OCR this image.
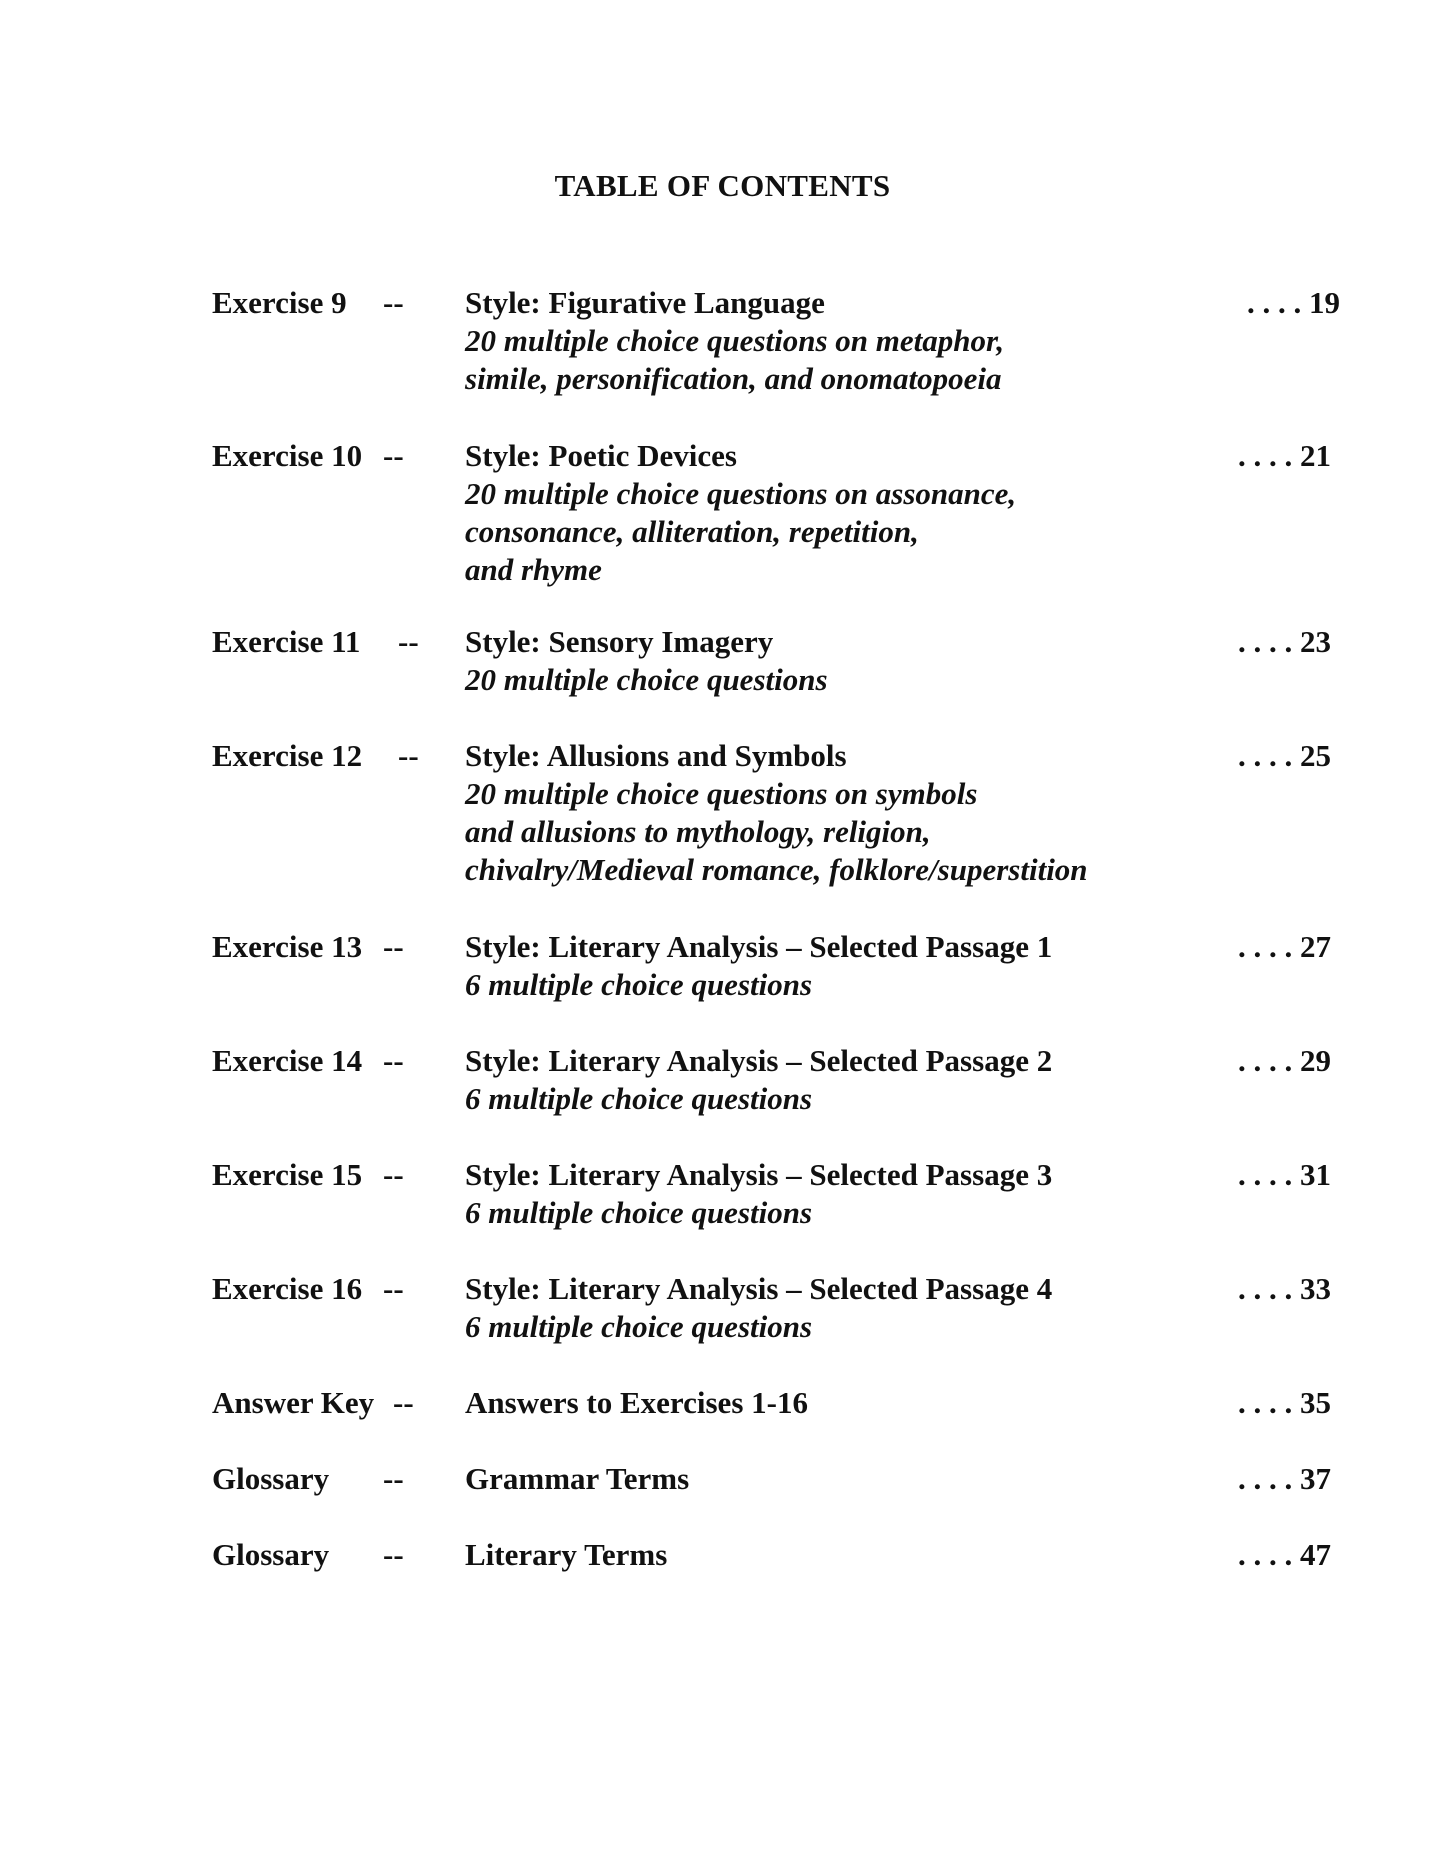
TABLE OF CONTENTS
Exercise 9 -- Style: Figurative Language
20 multiple choice questions on metaphor,
simile, personification, and onomatopoeia
. . . . 19
Exercise 10 -- Style: Poetic Devices
20 multiple choice questions on assonance,
consonance, alliteration, repetition,
and rhyme
. . . . 21
Exercise 11 -- Style: Sensory Imagery
20 multiple choice questions
. . . . 23
Exercise 12 -- Style: Allusions and Symbols
20 multiple choice questions on symbols
and allusions to mythology, religion,
chivalry/Medieval romance, folklore/superstition
. . . . 25
Exercise 13 -- Style: Literary Analysis – Selected Passage 1
6 multiple choice questions
. . . . 27
Exercise 14 -- Style: Literary Analysis – Selected Passage 2
6 multiple choice questions
. . . . 29
Exercise 15 -- Style: Literary Analysis – Selected Passage 3
6 multiple choice questions
. . . . 31
Exercise 16 -- Style: Literary Analysis – Selected Passage 4
6 multiple choice questions
. . . . 33
Answer Key -- Answers to Exercises 1-16	. . . . 35
Glossary -- Grammar Terms	. . . . 37
Glossary -- Literary Terms	. . . . 47
